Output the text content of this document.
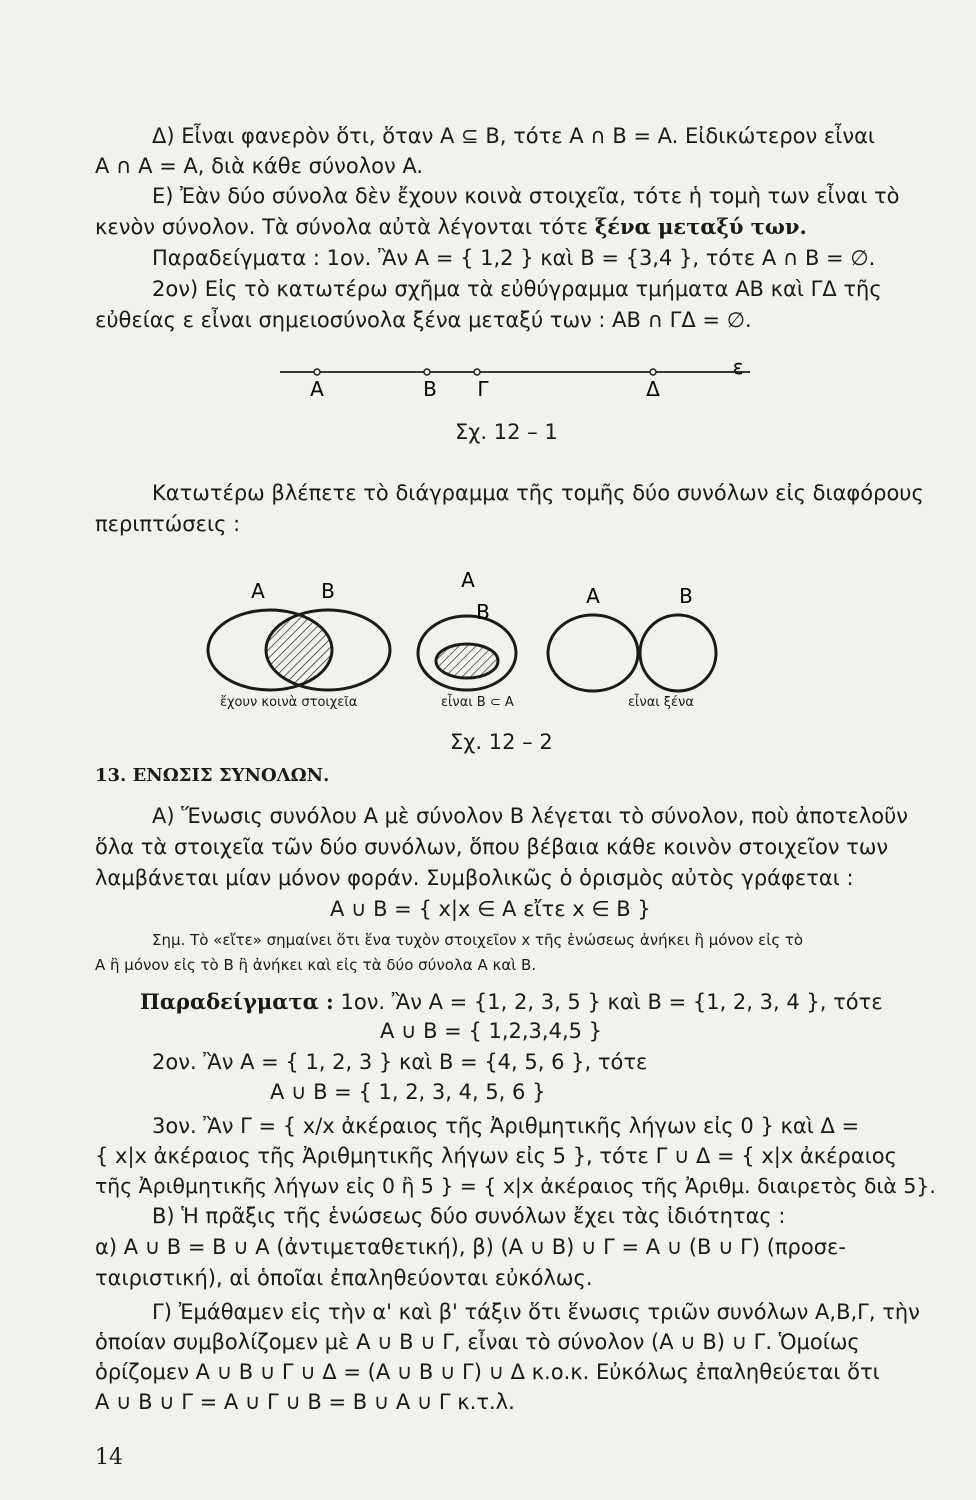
Δ) Εἶναι φανερὸν ὅτι, ὅταν A ⊆ B, τότε A ∩ B = A. Εἰδικώτερον εἶναι
A ∩ A = A, διὰ κάθε σύνολον A.
Ε) Ἐὰν δύο σύνολα δὲν ἔχουν κοινὰ στοιχεῖα, τότε ἡ τομὴ των εἶναι τὸ
κενὸν σύνολον. Τὰ σύνολα αὐτὰ λέγονται τότε ξένα μεταξύ των.
Παραδείγματα : 1ον. Ἂν A = { 1,2 } καὶ B = {3,4 }, τότε A ∩ B = ∅.
2ον) Εἰς τὸ κατωτέρω σχῆμα τὰ εὐθύγραμμα τμήματα AB καὶ ΓΔ τῆς
εὐθείας ε εἶναι σημειοσύνολα ξένα μεταξύ των : AB ∩ ΓΔ = ∅.
A	B Γ	Δ
ε
Σχ. 12 – 1
Κατωτέρω βλέπετε τὸ διάγραμμα τῆς τομῆς δύο συνόλων εἰς διαφόρους
περιπτώσεις :
A	B	A
B
A	B
ἔχουν κοινὰ στοιχεῖα	εἶναι B ⊂ A	εἶναι ξένα
Σχ. 12 – 2
13. ΕΝΩΣΙΣ ΣΥΝΟΛΩΝ.
Α) Ἕνωσις συνόλου A μὲ σύνολον B λέγεται τὸ σύνολον, ποὺ ἀποτελοῦν
ὅλα τὰ στοιχεῖα τῶν δύο συνόλων, ὅπου βέβαια κάθε κοινὸν στοιχεῖον των
λαμβάνεται μίαν μόνον φοράν. Συμβολικῶς ὁ ὁρισμὸς αὐτὸς γράφεται :
A ∪ B = { x|x ∈ A εἴτε x ∈ B }
Σημ. Τὸ «εἴτε» σημαίνει ὅτι ἕνα τυχὸν στοιχεῖον x τῆς ἑνώσεως ἀνήκει ἢ μόνον εἰς τὸ
A ἢ μόνον εἰς τὸ B ἢ ἀνήκει καὶ εἰς τὰ δύο σύνολα A καὶ B.
Παραδείγματα : 1ον. Ἂν A = {1, 2, 3, 5 } καὶ B = {1, 2, 3, 4 }, τότε
A ∪ B = { 1,2,3,4,5 }
2ον. Ἂν A = { 1, 2, 3 } καὶ B = {4, 5, 6 }, τότε
A ∪ B = { 1, 2, 3, 4, 5, 6 }
3ον. Ἂν Γ = { x/x ἀκέραιος τῆς Ἀριθμητικῆς λήγων εἰς 0 } καὶ Δ =
{ x|x ἀκέραιος τῆς Ἀριθμητικῆς λήγων εἰς 5 }, τότε Γ ∪ Δ = { x|x ἀκέραιος
τῆς Ἀριθμητικῆς λήγων εἰς 0 ἢ 5 } = { x|x ἀκέραιος τῆς Ἀριθμ. διαιρετὸς διὰ 5}.
Β) Ἡ πρᾶξις τῆς ἑνώσεως δύο συνόλων ἔχει τὰς ἰδιότητας :
α) A ∪ B = B ∪ A (ἀντιμεταθετική), β) (A ∪ B) ∪ Γ = A ∪ (B ∪ Γ) (προσε-
ταιριστική), αἱ ὁποῖαι ἐπαληθεύονται εὐκόλως.
Γ) Ἐμάθαμεν εἰς τὴν α' καὶ β' τάξιν ὅτι ἕνωσις τριῶν συνόλων A,B,Γ, τὴν
ὁποίαν συμβολίζομεν μὲ A ∪ B ∪ Γ, εἶναι τὸ σύνολον (A ∪ B) ∪ Γ. Ὁμοίως
ὁρίζομεν A ∪ B ∪ Γ ∪ Δ = (A ∪ B ∪ Γ) ∪ Δ κ.ο.κ. Εὐκόλως ἐπαληθεύεται ὅτι
A ∪ B ∪ Γ = A ∪ Γ ∪ B = B ∪ A ∪ Γ κ.τ.λ.
14
